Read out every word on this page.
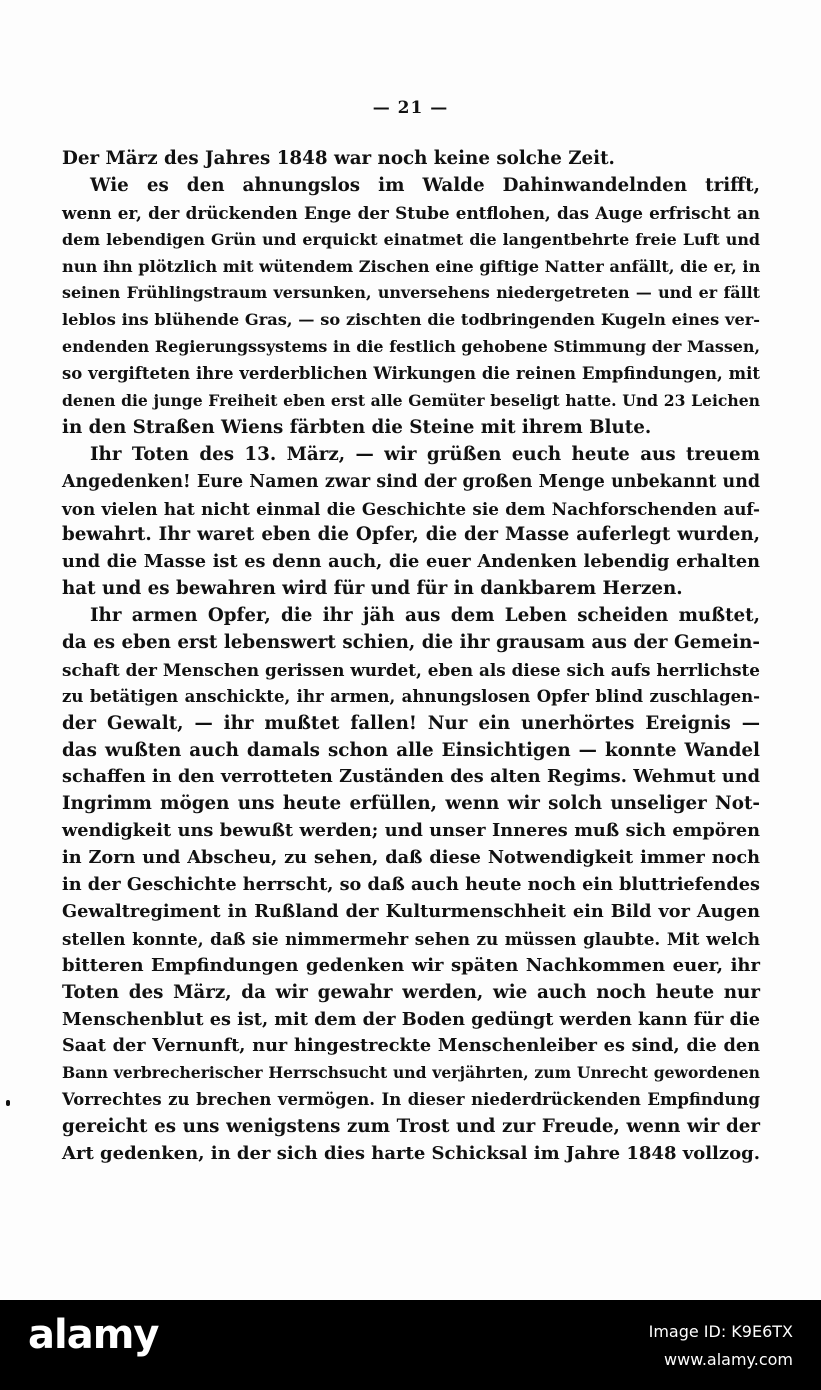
— 21 —
Der März des Jahres 1848 war noch keine solche Zeit.
Wie es den ahnungslos im Walde Dahinwandelnden trifft,
wenn er, der drückenden Enge der Stube entflohen, das Auge erfrischt an
dem lebendigen Grün und erquickt einatmet die langentbehrte freie Luft und
nun ihn plötzlich mit wütendem Zischen eine giftige Natter anfällt, die er, in
seinen Frühlingstraum versunken, unversehens niedergetreten — und er fällt
leblos ins blühende Gras, — so zischten die todbringenden Kugeln eines ver-
endenden Regierungssystems in die festlich gehobene Stimmung der Massen,
so vergifteten ihre verderblichen Wirkungen die reinen Empfindungen, mit
denen die junge Freiheit eben erst alle Gemüter beseligt hatte. Und 23 Leichen
in den Straßen Wiens färbten die Steine mit ihrem Blute.
Ihr Toten des 13. März, — wir grüßen euch heute aus treuem
Angedenken! Eure Namen zwar sind der großen Menge unbekannt und
von vielen hat nicht einmal die Geschichte sie dem Nachforschenden auf-
bewahrt. Ihr waret eben die Opfer, die der Masse auferlegt wurden,
und die Masse ist es denn auch, die euer Andenken lebendig erhalten
hat und es bewahren wird für und für in dankbarem Herzen.
Ihr armen Opfer, die ihr jäh aus dem Leben scheiden mußtet,
da es eben erst lebenswert schien, die ihr grausam aus der Gemein-
schaft der Menschen gerissen wurdet, eben als diese sich aufs herrlichste
zu betätigen anschickte, ihr armen, ahnungslosen Opfer blind zuschlagen-
der Gewalt, — ihr mußtet fallen! Nur ein unerhörtes Ereignis —
das wußten auch damals schon alle Einsichtigen — konnte Wandel
schaffen in den verrotteten Zuständen des alten Regims. Wehmut und
Ingrimm mögen uns heute erfüllen, wenn wir solch unseliger Not-
wendigkeit uns bewußt werden; und unser Inneres muß sich empören
in Zorn und Abscheu, zu sehen, daß diese Notwendigkeit immer noch
in der Geschichte herrscht, so daß auch heute noch ein bluttriefendes
Gewaltregiment in Rußland der Kulturmenschheit ein Bild vor Augen
stellen konnte, daß sie nimmermehr sehen zu müssen glaubte. Mit welch
bitteren Empfindungen gedenken wir späten Nachkommen euer, ihr
Toten des März, da wir gewahr werden, wie auch noch heute nur
Menschenblut es ist, mit dem der Boden gedüngt werden kann für die
Saat der Vernunft, nur hingestreckte Menschenleiber es sind, die den
Bann verbrecherischer Herrschsucht und verjährten, zum Unrecht gewordenen
Vorrechtes zu brechen vermögen. In dieser niederdrückenden Empfindung
gereicht es uns wenigstens zum Trost und zur Freude, wenn wir der
Art gedenken, in der sich dies harte Schicksal im Jahre 1848 vollzog.
alamy	Image ID: K9E6TX
www.alamy.com
